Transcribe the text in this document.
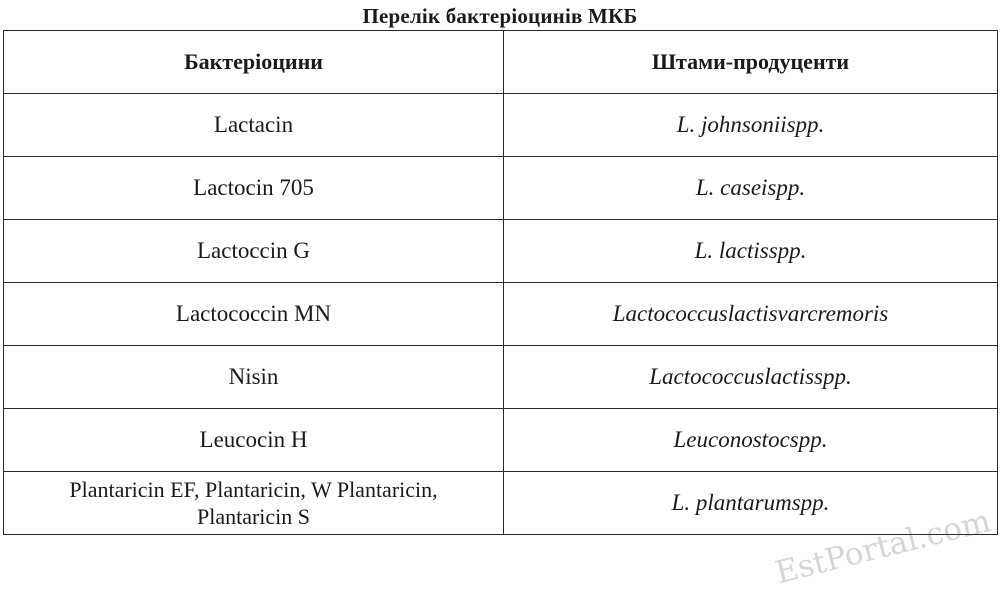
Перелік бактеріоцинів МКБ
Бактеріоцини	Штами-продуценти
Lactacin	L. johnsoniispp.
Lactocin 705	L. caseispp.
Lactoccin G	L. lactisspp.
Lactococcin MN	Lactococcuslactisvarcremoris
Nisin	Lactococcuslactisspp.
Leucocin H	Leuconostocspp.
Plantaricin EF, Plantaricin, W Plantaricin,
Plantaricin S	L. plantarumspp.
EstPortal.com
